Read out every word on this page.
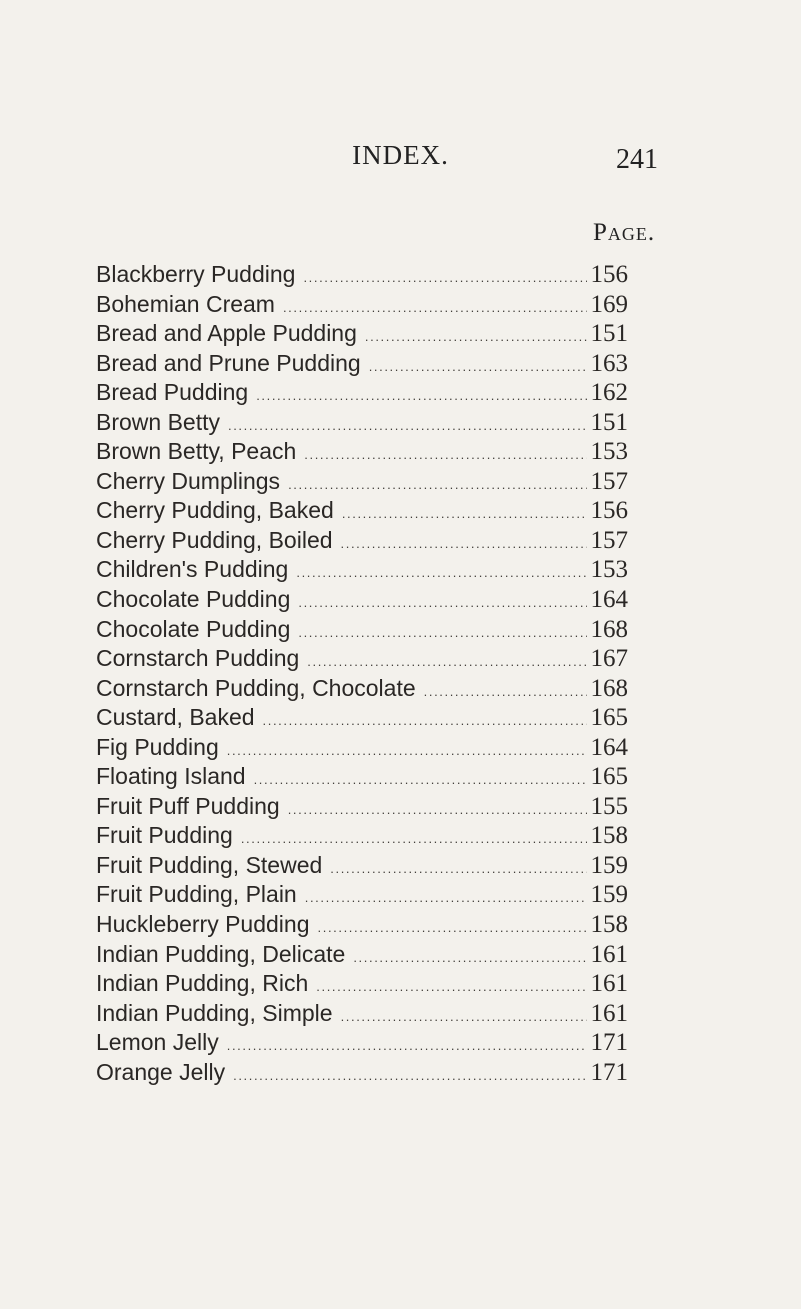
INDEX.	241
Page.
Blackberry Pudding .....	156
Bohemian Cream .....	169
Bread and Apple Pudding .....	151
Bread and Prune Pudding .....	163
Bread Pudding .....	162
Brown Betty .....	151
Brown Betty, Peach .....	153
Cherry Dumplings .....	157
Cherry Pudding, Baked .....	156
Cherry Pudding, Boiled .....	157
Children's Pudding .....	153
Chocolate Pudding .....	164
Chocolate Pudding .....	168
Cornstarch Pudding .....	167
Cornstarch Pudding, Chocolate .....	168
Custard, Baked .....	165
Fig Pudding .....	164
Floating Island .....	165
Fruit Puff Pudding .....	155
Fruit Pudding .....	158
Fruit Pudding, Stewed .....	159
Fruit Pudding, Plain .....	159
Huckleberry Pudding .....	158
Indian Pudding, Delicate .....	161
Indian Pudding, Rich .....	161
Indian Pudding, Simple .....	161
Lemon Jelly .....	171
Orange Jelly .....	171
